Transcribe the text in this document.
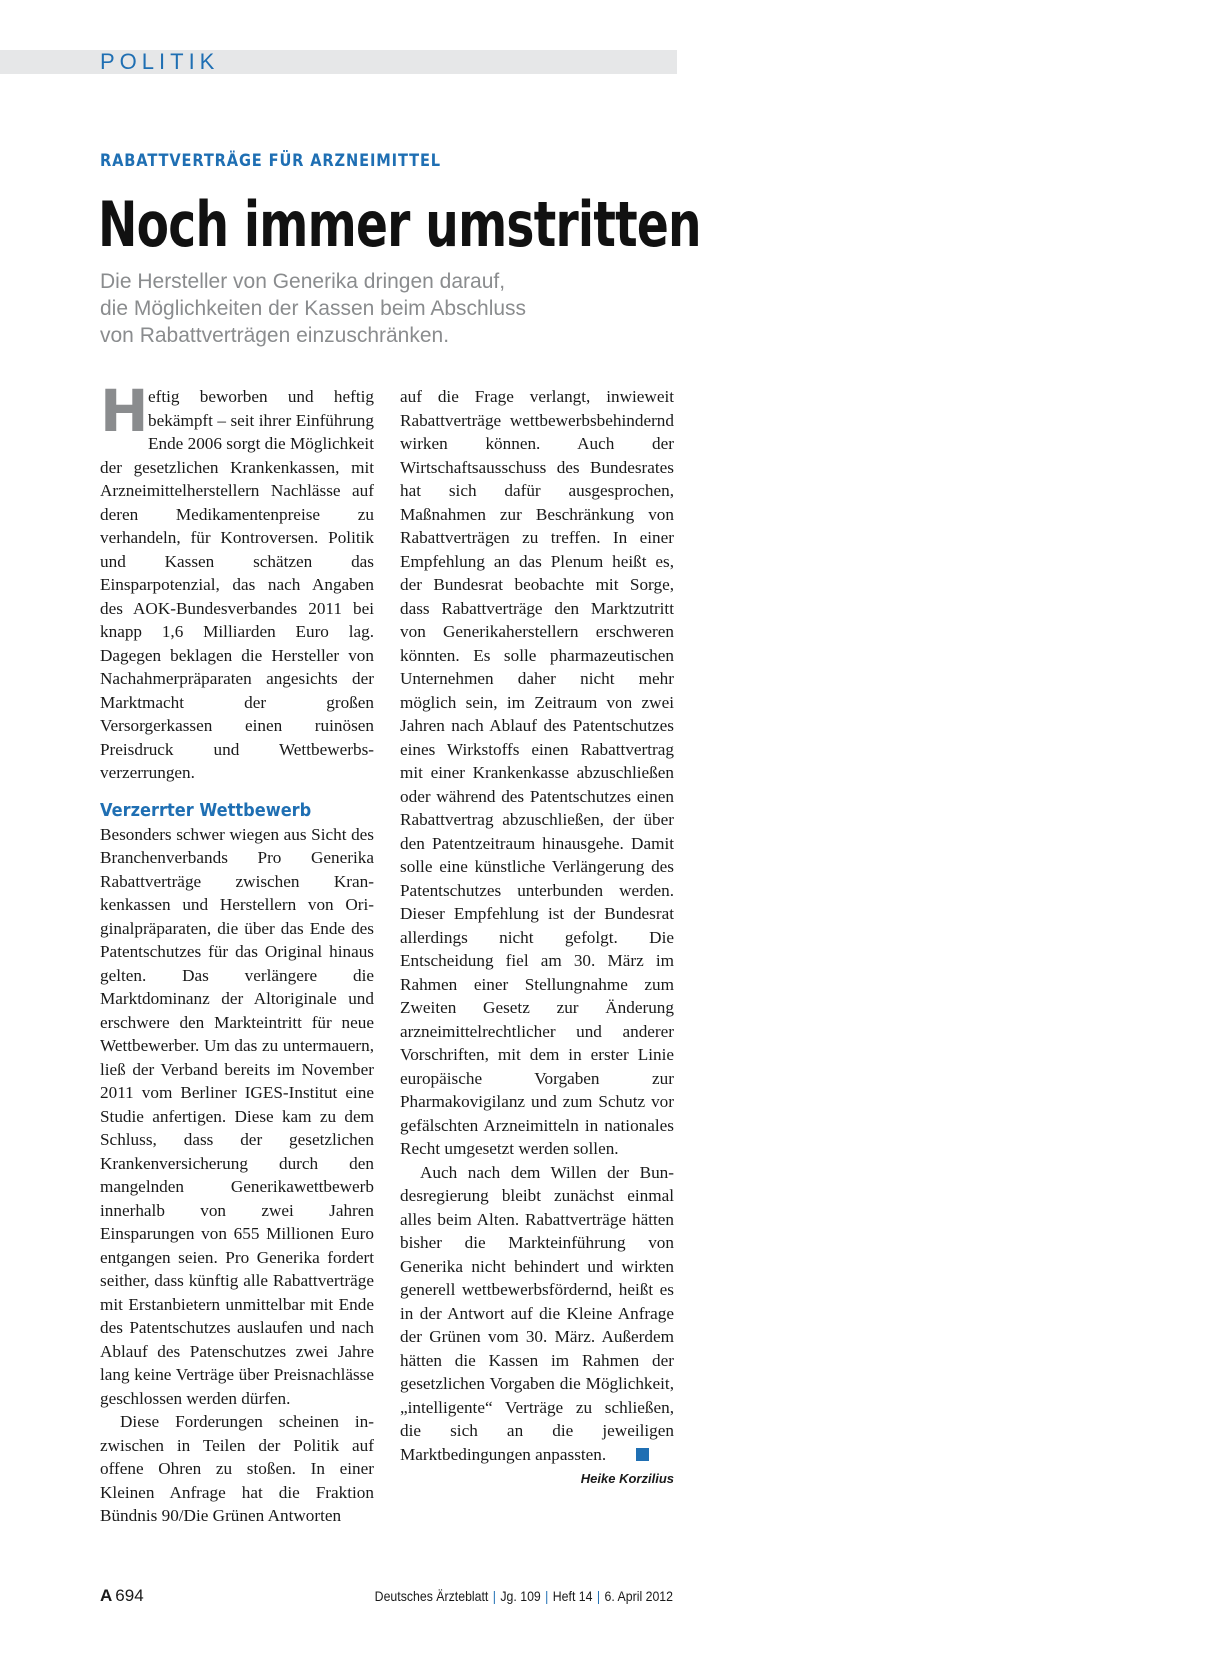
POLITIK
RABATTVERTRÄGE FÜR ARZNEIMITTEL
Noch immer umstritten
Die Hersteller von Generika dringen darauf,
die Möglichkeiten der Kassen beim Abschluss
von Rabattverträgen einzuschränken.
H eftig beworben und heftig bekämpft – seit ihrer Einführung Ende 2006 sorgt die Möglichkeit der gesetzlichen Krankenkassen, mit Arzneimittelherstellern Nachlässe auf deren Medikamentenpreise zu verhandeln, für Kontroversen. Politik und Kassen schätzen das Einsparpotenzial, das nach Angaben des AOK-Bundesverbandes 2011 bei knapp 1,6 Milliarden Euro lag. Dagegen beklagen die Hersteller von Nachahmerpräparaten angesichts der Marktmacht der großen Versorgerkassen einen ruinösen Preisdruck und Wettbewerbsverzerrungen.

Verzerrter Wettbewerb

Besonders schwer wiegen aus Sicht des Branchenverbands Pro Generika Rabattverträge zwischen Krankenkassen und Herstellern von Originalpräparaten, die über das Ende des Patentschutzes für das Original hinaus gelten. Das verlängere die Marktdominanz der Altoriginale und erschwere den Markteintritt für neue Wettbewerber. Um das zu untermauern, ließ der Verband bereits im November 2011 vom Berliner IGES-Institut eine Studie anfertigen. Diese kam zu dem Schluss, dass der gesetzlichen Krankenversicherung durch den mangelnden Generikawettbewerb innerhalb von zwei Jahren Einsparungen von 655 Millionen Euro entgangen seien. Pro Generika fordert seither, dass künftig alle Rabattverträge mit Erstanbietern unmittelbar mit Ende des Patentschutzes auslaufen und nach Ablauf des Patenschutzes zwei Jahre lang keine Verträge über Preisnachlässe geschlossen werden dürfen.

Diese Forderungen scheinen inzwischen in Teilen der Politik auf offene Ohren zu stoßen. In einer Kleinen Anfrage hat die Fraktion Bündnis 90/Die Grünen Antworten

auf die Frage verlangt, inwieweit Rabattverträge wettbewerbsbehindernd wirken können. Auch der Wirtschaftsausschuss des Bundesrates hat sich dafür ausgesprochen, Maßnahmen zur Beschränkung von Rabattverträgen zu treffen. In einer Empfehlung an das Plenum heißt es, der Bundesrat beobachte mit Sorge, dass Rabattverträge den Marktzutritt von Generikaherstellern erschweren könnten. Es solle pharmazeutischen Unternehmen daher nicht mehr möglich sein, im Zeitraum von zwei Jahren nach Ablauf des Patentschutzes eines Wirkstoffs einen Rabattvertrag mit einer Krankenkasse abzuschließen oder während des Patentschutzes einen Rabattvertrag abzuschließen, der über den Patentzeitraum hinausgehe. Damit solle eine künstliche Verlängerung des Patentschutzes unterbunden werden. Dieser Empfehlung ist der Bundesrat allerdings nicht gefolgt. Die Entscheidung fiel am 30. März im Rahmen einer Stellungnahme zum Zweiten Gesetz zur Änderung arzneimittelrechtlicher und anderer Vorschriften, mit dem in erster Linie europäische Vorgaben zur Pharmakovigilanz und zum Schutz vor gefälschten Arzneimitteln in nationales Recht umgesetzt werden sollen.

Auch nach dem Willen der Bundesregierung bleibt zunächst einmal alles beim Alten. Rabattverträge hätten bisher die Markteinführung von Generika nicht behindert und wirkten generell wettbewerbsfördernd, heißt es in der Antwort auf die Kleine Anfrage der Grünen vom 30. März. Außerdem hätten die Kassen im Rahmen der gesetzlichen Vorgaben die Möglichkeit, „intelligente“ Verträge zu schließen, die sich an die jeweiligen Marktbedingungen anpassten.

Heike Korzilius
A 694	Deutsches Ärzteblatt | Jg. 109 | Heft 14 | 6. April 2012
